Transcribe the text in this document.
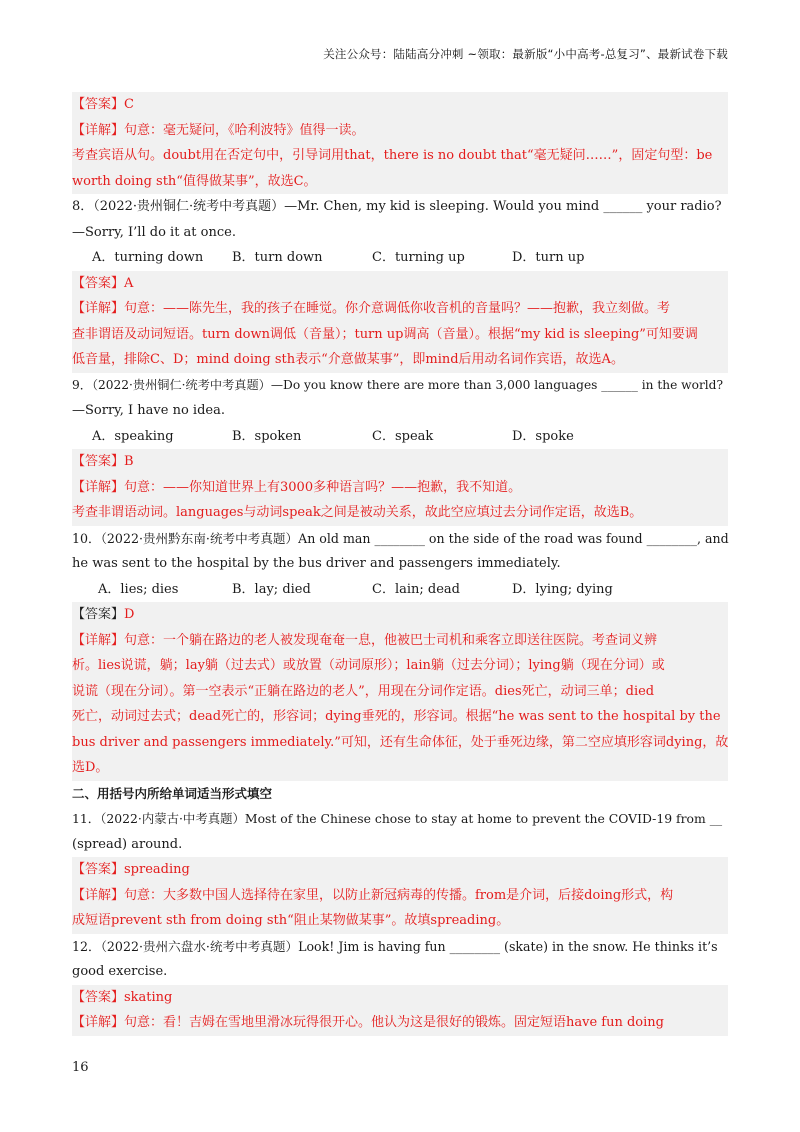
关注公众号：陆陆高分冲刺 ~领取：最新版“小中高考-总复习”、最新试卷下载
【答案】C
【详解】句意：毫无疑问，《哈利波特》值得一读。
考查宾语从句。doubt用在否定句中，引导词用that，there is no doubt that“毫无疑问……”，固定句型：be
worth doing sth“值得做某事”，故选C。
8．（2022·贵州铜仁·统考中考真题）—Mr. Chen, my kid is sleeping. Would you mind ______ your radio?
—Sorry, I’ll do it at once.
A．turning down	B．turn down	C．turning up	D．turn up
【答案】A
【详解】句意：——陈先生，我的孩子在睡觉。你介意调低你收音机的音量吗？——抱歉，我立刻做。考
查非谓语及动词短语。turn down调低（音量）；turn up调高（音量）。根据“my kid is sleeping”可知要调
低音量，排除C、D；mind doing sth表示“介意做某事”，即mind后用动名词作宾语，故选A。
9．（2022·贵州铜仁·统考中考真题）—Do you know there are more than 3,000 languages ______ in the world?
—Sorry, I have no idea.
A．speaking	B．spoken	C．speak	D．spoke
【答案】B
【详解】句意：——你知道世界上有3000多种语言吗？——抱歉，我不知道。
考查非谓语动词。languages与动词speak之间是被动关系，故此空应填过去分词作定语，故选B。
10．（2022·贵州黔东南·统考中考真题）An old man ________ on the side of the road was found ________, and
he was sent to the hospital by the bus driver and passengers immediately.
A．lies; dies	B．lay; died	C．lain; dead	D．lying; dying
【答案】D
【详解】句意：一个躺在路边的老人被发现奄奄一息，他被巴士司机和乘客立即送往医院。考查词义辨
析。lies说谎，躺；lay躺（过去式）或放置（动词原形）；lain躺（过去分词）；lying躺（现在分词）或
说谎（现在分词）。第一空表示“正躺在路边的老人”，用现在分词作定语。dies死亡，动词三单；died
死亡，动词过去式；dead死亡的，形容词；dying垂死的，形容词。根据“he was sent to the hospital by the
bus driver and passengers immediately.”可知，还有生命体征，处于垂死边缘，第二空应填形容词dying，故
选D。
二、用括号内所给单词适当形式填空
11．（2022·内蒙古·中考真题）Most of the Chinese chose to stay at home to prevent the COVID-19 from __
(spread) around.
【答案】spreading
【详解】句意：大多数中国人选择待在家里，以防止新冠病毒的传播。from是介词，后接doing形式，构
成短语prevent sth from doing sth“阻止某物做某事”。故填spreading。
12．（2022·贵州六盘水·统考中考真题）Look! Jim is having fun ________ (skate) in the snow. He thinks it’s
good exercise.
【答案】skating
【详解】句意：看！吉姆在雪地里滑冰玩得很开心。他认为这是很好的锻炼。固定短语have fun doing
16
